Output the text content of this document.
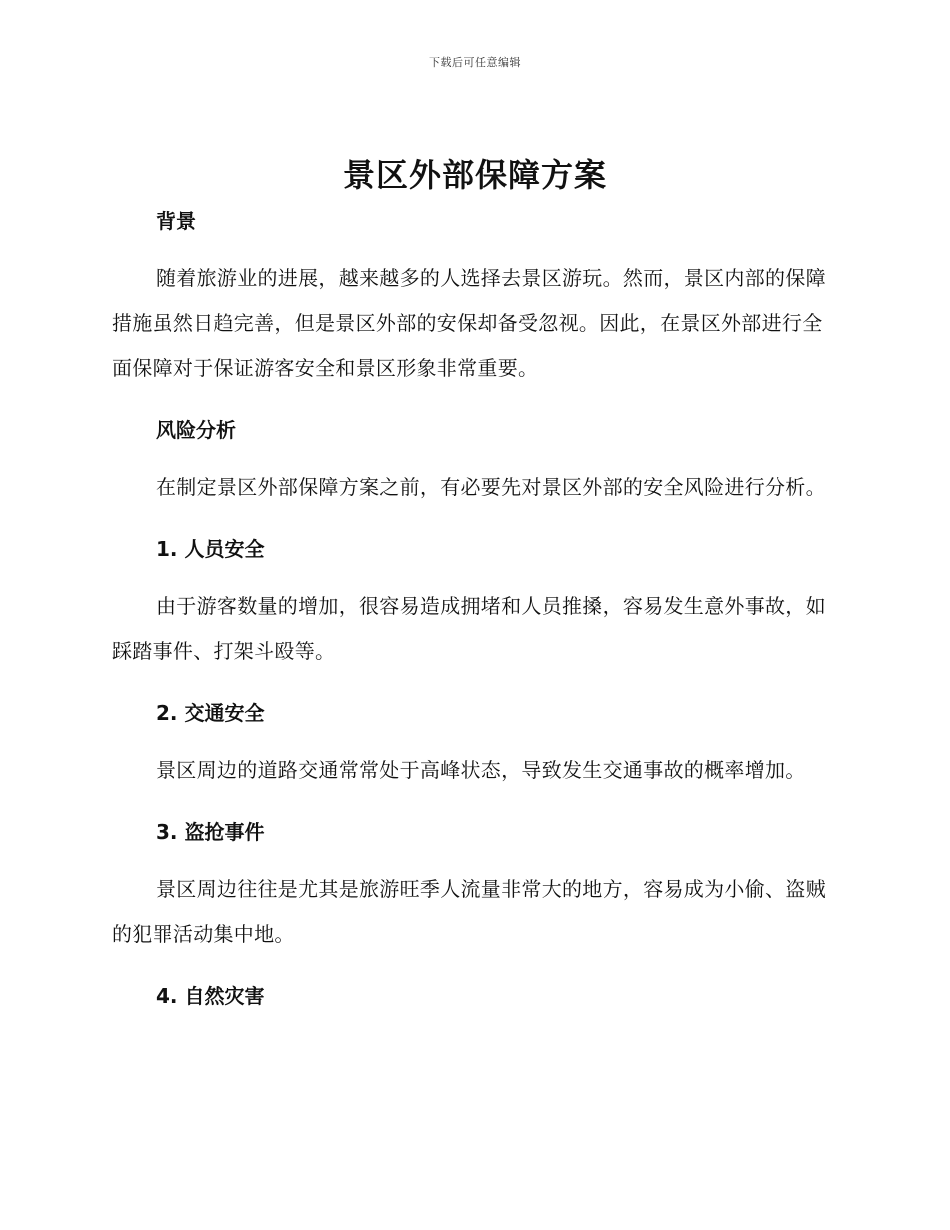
下载后可任意编辑
景区外部保障方案
背景

随着旅游业的进展，越来越多的人选择去景区游玩。然而，景区内部的保障措施虽然日趋完善，但是景区外部的安保却备受忽视。因此，在景区外部进行全面保障对于保证游客安全和景区形象非常重要。

风险分析

在制定景区外部保障方案之前，有必要先对景区外部的安全风险进行分析。

1. 人员安全

由于游客数量的增加，很容易造成拥堵和人员推搡，容易发生意外事故，如踩踏事件、打架斗殴等。

2. 交通安全

景区周边的道路交通常常处于高峰状态，导致发生交通事故的概率增加。

3. 盗抢事件

景区周边往往是尤其是旅游旺季人流量非常大的地方，容易成为小偷、盗贼的犯罪活动集中地。

4. 自然灾害
